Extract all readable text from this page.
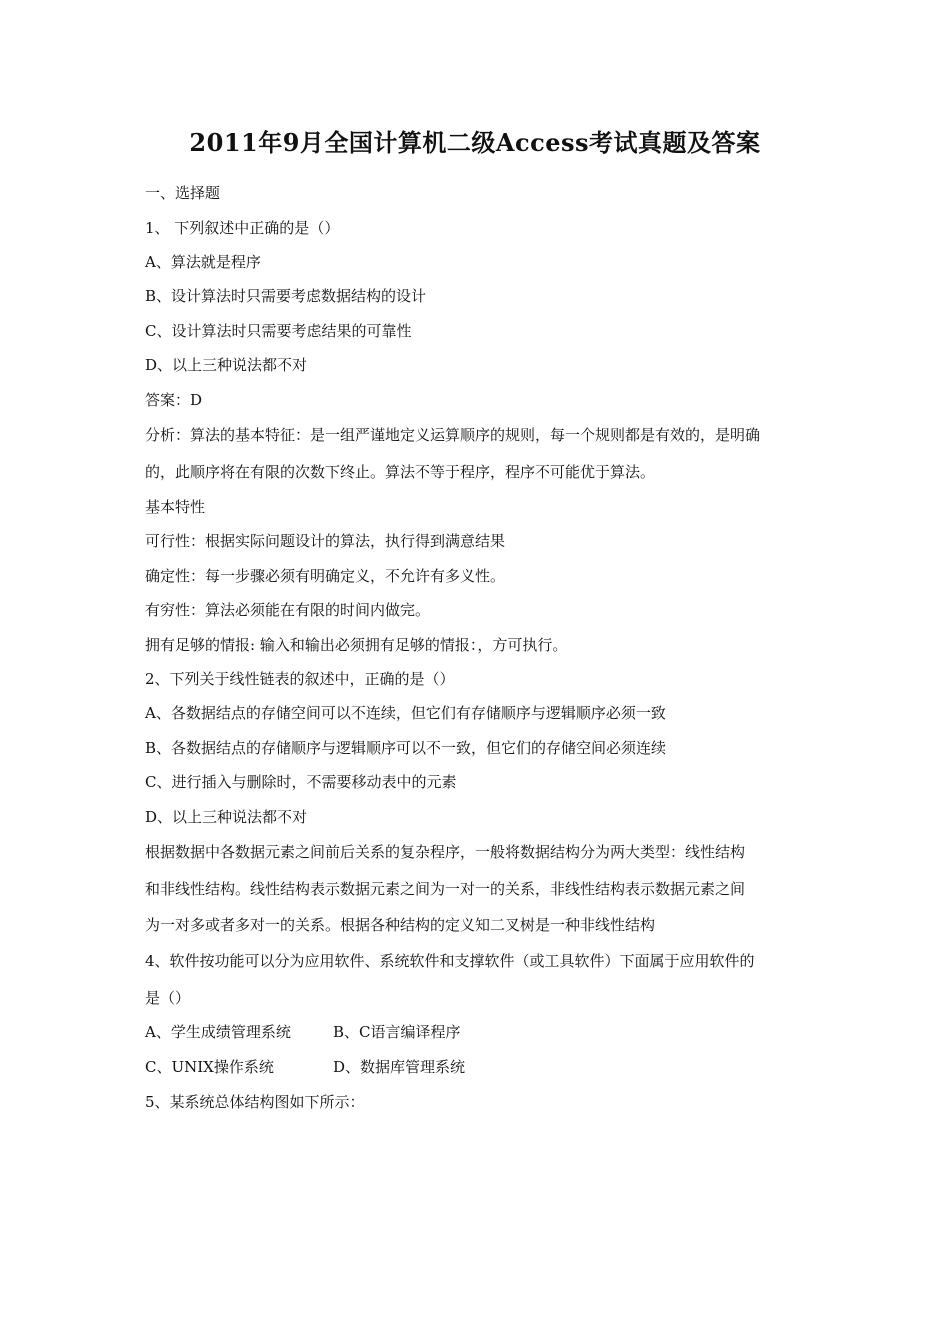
2011年9月全国计算机二级Access考试真题及答案
一、选择题
1、 下列叙述中正确的是（）
A、算法就是程序
B、设计算法时只需要考虑数据结构的设计
C、设计算法时只需要考虑结果的可靠性
D、以上三种说法都不对
答案：D
分析：算法的基本特征：是一组严谨地定义运算顺序的规则，每一个规则都是有效的，是明确
的，此顺序将在有限的次数下终止。算法不等于程序，程序不可能优于算法。
基本特性
可行性：根据实际问题设计的算法，执行得到满意结果
确定性：每一步骤必须有明确定义，不允许有多义性。
有穷性：算法必须能在有限的时间内做完。
拥有足够的情报: 输入和输出必须拥有足够的情报：，方可执行。
2、下列关于线性链表的叙述中，正确的是（）
A、各数据结点的存储空间可以不连续，但它们有存储顺序与逻辑顺序必须一致
B、各数据结点的存储顺序与逻辑顺序可以不一致，但它们的存储空间必须连续
C、进行插入与删除时，不需要移动表中的元素
D、以上三种说法都不对
根据数据中各数据元素之间前后关系的复杂程序，一般将数据结构分为两大类型：线性结构
和非线性结构。线性结构表示数据元素之间为一对一的关系，非线性结构表示数据元素之间
为一对多或者多对一的关系。根据各种结构的定义知二叉树是一种非线性结构
4、软件按功能可以分为应用软件、系统软件和支撑软件（或工具软件）下面属于应用软件的
是（）
A、学生成绩管理系统	B、C语言编译程序
C、UNIX操作系统	D、数据库管理系统
5、某系统总体结构图如下所示：
